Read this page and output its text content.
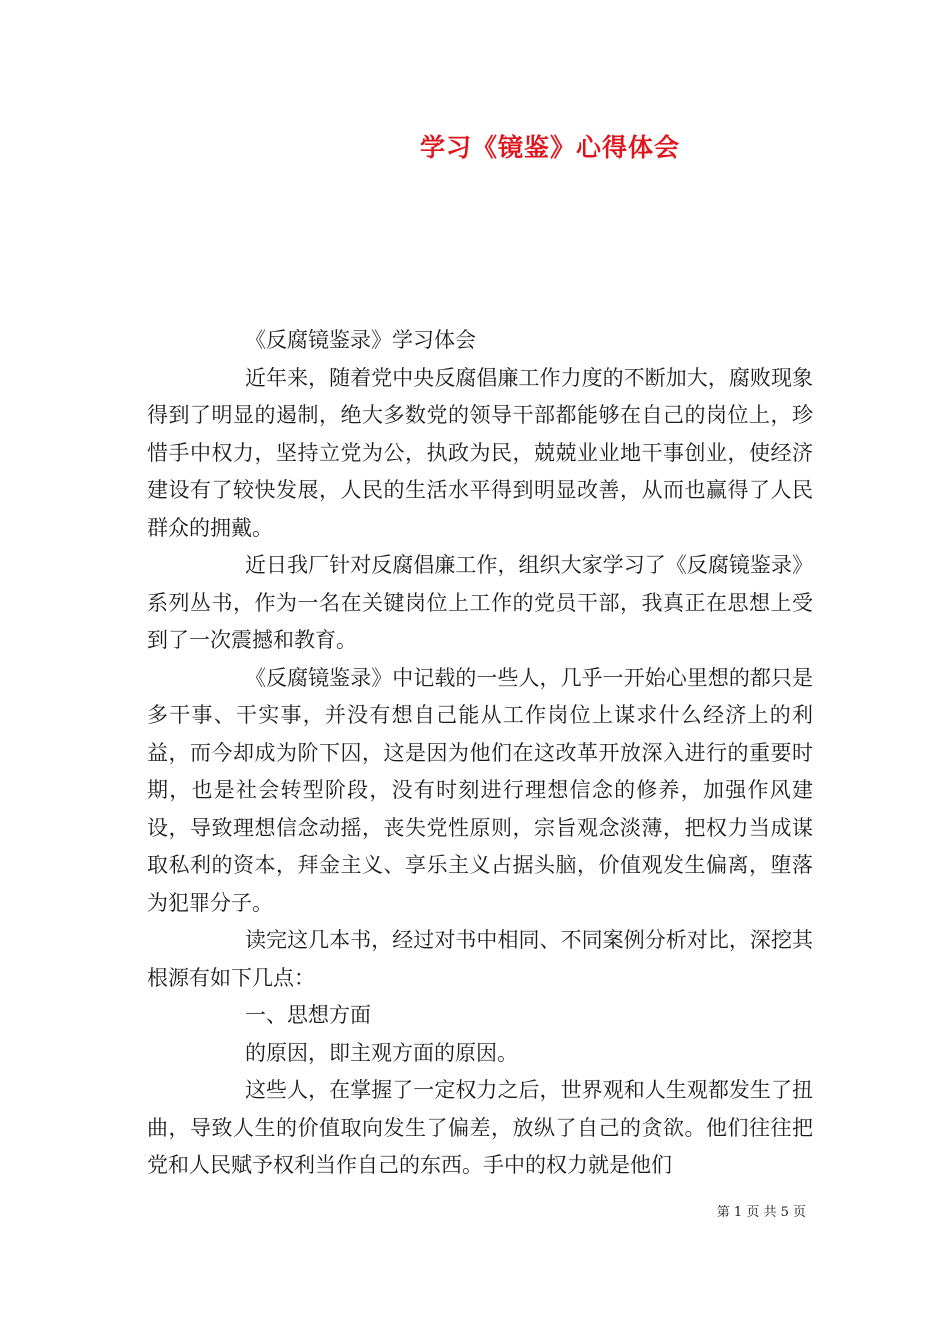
学习《镜鉴》心得体会

《反腐镜鉴录》学习体会

近年来，随着党中央反腐倡廉工作力度的不断加大，腐败现象得到了明显的遏制，绝大多数党的领导干部都能够在自己的岗位上，珍惜手中权力，坚持立党为公，执政为民，兢兢业业地干事创业，使经济建设有了较快发展，人民的生活水平得到明显改善，从而也赢得了人民群众的拥戴。

近日我厂针对反腐倡廉工作，组织大家学习了《反腐镜鉴录》系列丛书，作为一名在关键岗位上工作的党员干部，我真正在思想上受到了一次震撼和教育。

《反腐镜鉴录》中记载的一些人，几乎一开始心里想的都只是多干事、干实事，并没有想自己能从工作岗位上谋求什么经济上的利益，而今却成为阶下囚，这是因为他们在这改革开放深入进行的重要时期，也是社会转型阶段，没有时刻进行理想信念的修养，加强作风建设，导致理想信念动摇，丧失党性原则，宗旨观念淡薄，把权力当成谋取私利的资本，拜金主义、享乐主义占据头脑，价值观发生偏离，堕落为犯罪分子。

读完这几本书，经过对书中相同、不同案例分析对比，深挖其根源有如下几点：

一、思想方面

的原因，即主观方面的原因。

这些人，在掌握了一定权力之后，世界观和人生观都发生了扭曲，导致人生的价值取向发生了偏差，放纵了自己的贪欲。他们往往把党和人民赋予权利当作自己的东西。手中的权力就是他们

第 1 页 共 5 页
